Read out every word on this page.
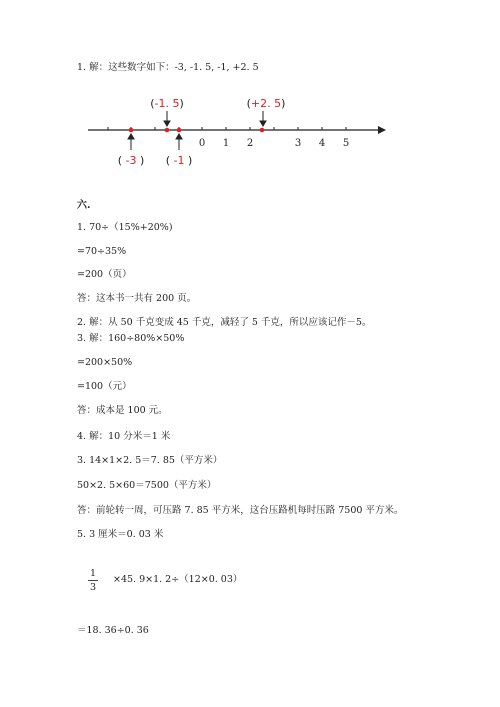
1. 解：这些数字如下：-3, -1. 5, -1, +2. 5
0 1 2	3 4 5
(-1. 5)	(+2. 5)
( -3 ) ( -1 )
六.
1. 70÷（15%+20%)
=70÷35%
=200（页）
答：这本书一共有 200 页。
2. 解：从 50 千克变成 45 千克，减轻了 5 千克，所以应该记作－5。
3. 解：160÷80%×50%
=200×50%
=100（元）
答：成本是 100 元。
4. 解：10 分米＝1 米
3. 14×1×2. 5＝7. 85（平方米）
50×2. 5×60＝7500（平方米）
答：前轮转一周，可压路 7. 85 平方米，这台压路机每时压路 7500 平方米。
5. 3 厘米＝0. 03 米
1
3
×45. 9×1. 2÷（12×0. 03）
＝18. 36÷0. 36
